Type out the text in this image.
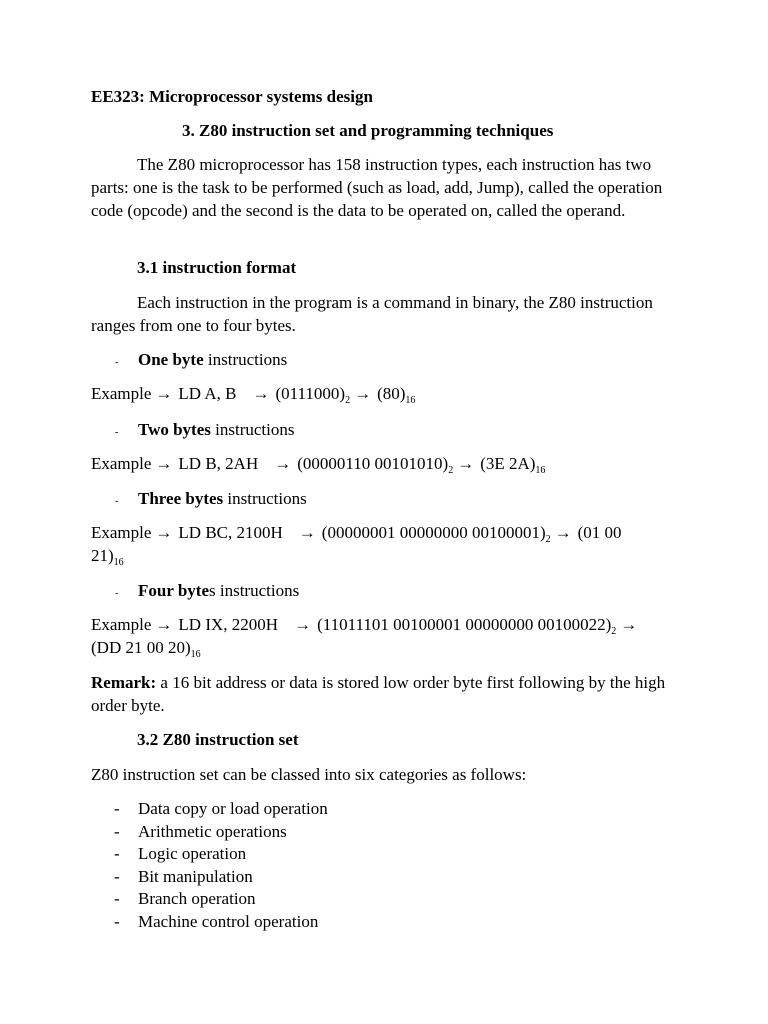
EE323: Microprocessor systems design
3. Z80 instruction set and programming techniques

The Z80 microprocessor has 158 instruction types, each instruction has two parts: one is the task to be performed (such as load, add, Jump), called the operation code (opcode) and the second is the data to be operated on, called the operand.

3.1 instruction format

Each instruction in the program is a command in binary, the Z80 instruction ranges from one to four bytes.

- One byte instructions
Example → LD A, $B \to (0111000)_2 \to (80)_{16}$
- Two bytes instructions
Example → LD B, 2AH → (00000110 $00101010)_2 \to (3E$ $2A)_{16}$
- Three bytes instructions
Example → LD BC, 2100H → (00000001 00000000 $00100001)_2 \to (01$ 00
$21)_{16}$
- Four bytes instructions
Example → LD IX, 2200H → (11011101 00100001 00000000 $00100022)_2$ →
(DD 21 00 $20)_{16}$

Remark: a 16 bit address or data is stored low order byte first following by the high order byte.

3.2 Z80 instruction set

Z80 instruction set can be classed into six categories as follows:

- Data copy or load operation
- Arithmetic operations
- Logic operation
- Bit manipulation
- Branch operation
- Machine control operation
